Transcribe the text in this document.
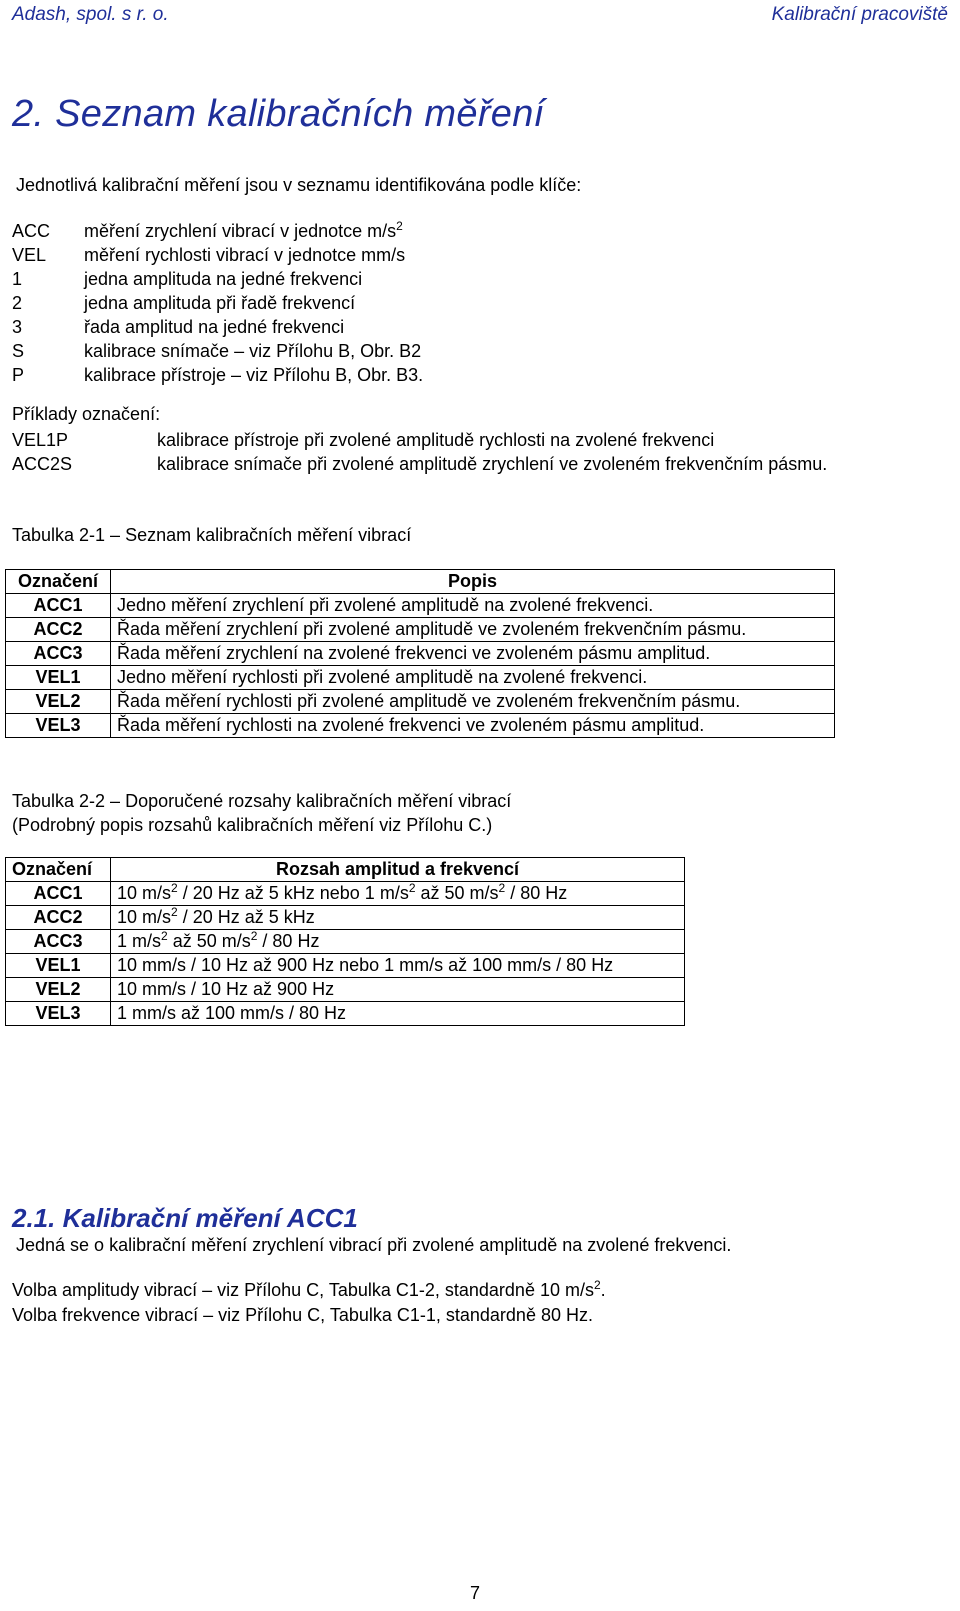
Adash, spol. s r. o.	Kalibrační pracoviště
2. Seznam kalibračních měření
Jednotlivá kalibrační měření jsou v seznamu identifikována podle klíče:
ACC měření zrychlení vibrací v jednotce $m/s^2$
VEL měření rychlosti vibrací v jednotce mm/s
1	jedna amplituda na jedné frekvenci
2	jedna amplituda při řadě frekvencí
3	řada amplitud na jedné frekvenci
S	kalibrace snímače – viz Přílohu B, Obr. B2
P	kalibrace přístroje – viz Přílohu B, Obr. B3.
Příklady označení:
VEL1P	kalibrace přístroje při zvolené amplitudě rychlosti na zvolené frekvenci
ACC2S	kalibrace snímače při zvolené amplitudě zrychlení ve zvoleném frekvenčním pásmu.
Tabulka 2-1 – Seznam kalibračních měření vibrací
Označení	Popis
ACC1	Jedno měření zrychlení při zvolené amplitudě na zvolené frekvenci.
ACC2	Řada měření zrychlení při zvolené amplitudě ve zvoleném frekvenčním pásmu.
ACC3	Řada měření zrychlení na zvolené frekvenci ve zvoleném pásmu amplitud.
VEL1	Jedno měření rychlosti při zvolené amplitudě na zvolené frekvenci.
VEL2	Řada měření rychlosti při zvolené amplitudě ve zvoleném frekvenčním pásmu.
VEL3	Řada měření rychlosti na zvolené frekvenci ve zvoleném pásmu amplitud.
Tabulka 2-2 – Doporučené rozsahy kalibračních měření vibrací
(Podrobný popis rozsahů kalibračních měření viz Přílohu C.)
Označení	Rozsah amplitud a frekvencí
ACC1	10 $m/s^2 / 20$ Hz až 5 kHz nebo 1 $m/s^2$ až 50 $m/s^2 / 80$ Hz
ACC2	10 $m/s^2 / 20$ Hz až 5 kHz
ACC3	1 $m/s^2$ až 50 $m/s^2 / 80$ Hz
VEL1	10 mm/s / 10 Hz až 900 Hz nebo 1 mm/s až 100 mm/s / 80 Hz
VEL2	10 mm/s / 10 Hz až 900 Hz
VEL3	1 mm/s až 100 mm/s / 80 Hz
2.1. Kalibrační měření ACC1
Jedná se o kalibrační měření zrychlení vibrací při zvolené amplitudě na zvolené frekvenci.
Volba amplitudy vibrací – viz Přílohu C, Tabulka C1-2, standardně 10 $m/s^2$.
Volba frekvence vibrací – viz Přílohu C, Tabulka C1-1, standardně 80 Hz.
7
